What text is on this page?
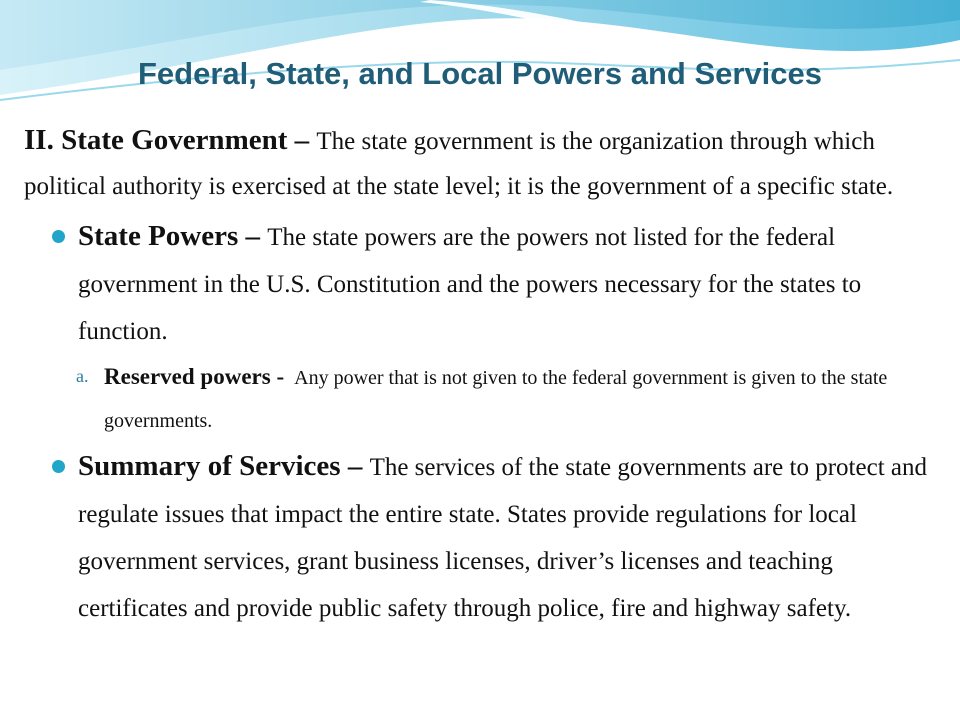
Federal, State, and Local Powers and Services

II. State Government – The state government is the organization through which political authority is exercised at the state level; it is the government of a specific state.

State Powers – The state powers are the powers not listed for the federal government in the U.S. Constitution and the powers necessary for the states to function.

a. Reserved powers - Any power that is not given to the federal government is given to the state governments.

Summary of Services – The services of the state governments are to protect and regulate issues that impact the entire state. States provide regulations for local government services, grant business licenses, driver’s licenses and teaching certificates and provide public safety through police, fire and highway safety.
